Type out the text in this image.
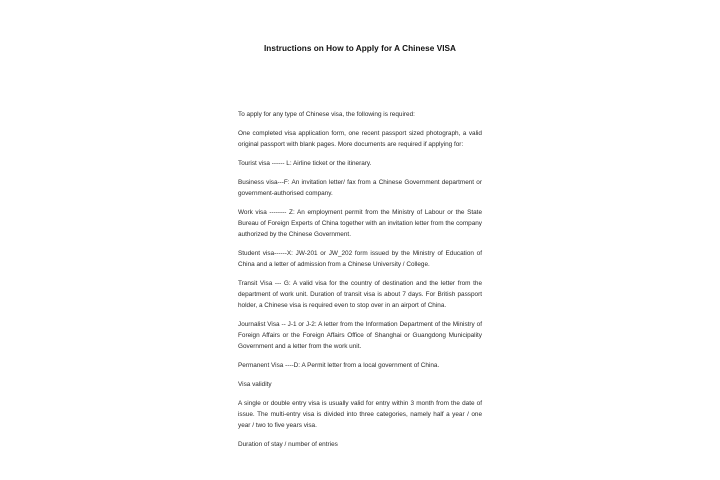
Instructions on How to Apply for A Chinese VISA

To apply for any type of Chinese visa, the following is required:

One completed visa application form, one recent passport sized photograph, a valid original passport with blank pages. More documents are required if applying for:

Tourist visa ------ L: Airline ticket or the itinerary.

Business visa---F: An invitation letter/ fax from a Chinese Government department or government-authorised company.

Work visa -------- Z: An employment permit from the Ministry of Labour or the State Bureau of Foreign Experts of China together with an invitation letter from the company authorized by the Chinese Government.

Student visa------X: JW-201 or JW_202 form issued by the Ministry of Education of China and a letter of admission from a Chinese University / College.

Transit Visa --- G: A valid visa for the country of destination and the letter from the department of work unit. Duration of transit visa is about 7 days. For British passport holder, a Chinese visa is required even to stop over in an airport of China.

Journalist Visa -- J-1 or J-2: A letter from the Information Department of the Ministry of Foreign Affairs or the Foreign Affairs Office of Shanghai or Guangdong Municipality Government and a letter from the work unit.

Permanent Visa ----D: A Permit letter from a local government of China.

Visa validity

A single or double entry visa is usually valid for entry within 3 month from the date of issue. The multi-entry visa is divided into three categories, namely half a year / one year / two to five years visa.

Duration of stay / number of entries
